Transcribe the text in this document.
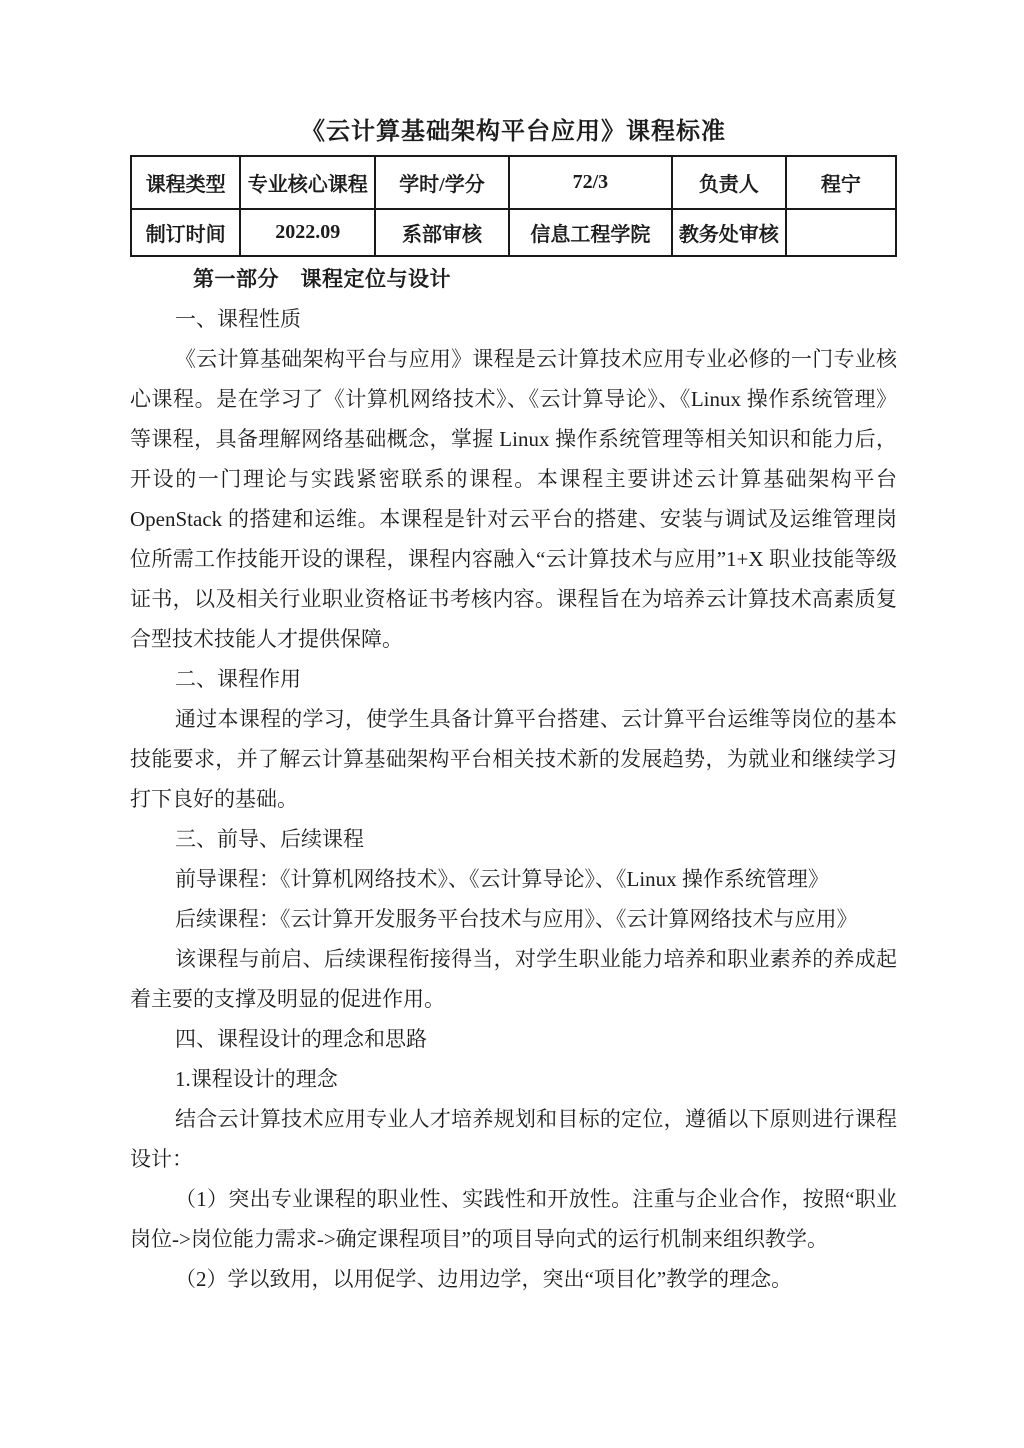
《云计算基础架构平台应用》课程标准
课程类型	专业核心课程	学时/学分	72/3	负责人	程宁
制订时间	2022.09	系部审核	信息工程学院	教务处审核	

第一部分　课程定位与设计

一、课程性质

《云计算基础架构平台与应用》课程是云计算技术应用专业必修的一门专业核心课程。是在学习了《计算机网络技术》、《云计算导论》、《Linux 操作系统管理》等课程，具备理解网络基础概念，掌握 Linux 操作系统管理等相关知识和能力后，开设的一门理论与实践紧密联系的课程。本课程主要讲述云计算基础架构平台 OpenStack 的搭建和运维。本课程是针对云平台的搭建、安装与调试及运维管理岗位所需工作技能开设的课程，课程内容融入“云计算技术与应用”1+X 职业技能等级证书，以及相关行业职业资格证书考核内容。课程旨在为培养云计算技术高素质复合型技术技能人才提供保障。

二、课程作用

通过本课程的学习，使学生具备计算平台搭建、云计算平台运维等岗位的基本技能要求，并了解云计算基础架构平台相关技术新的发展趋势，为就业和继续学习打下良好的基础。

三、前导、后续课程

前导课程：《计算机网络技术》、《云计算导论》、《Linux 操作系统管理》

后续课程：《云计算开发服务平台技术与应用》、《云计算网络技术与应用》

该课程与前启、后续课程衔接得当，对学生职业能力培养和职业素养的养成起着主要的支撑及明显的促进作用。

四、课程设计的理念和思路

1.课程设计的理念

结合云计算技术应用专业人才培养规划和目标的定位，遵循以下原则进行课程设计：

（1）突出专业课程的职业性、实践性和开放性。注重与企业合作，按照“职业岗位->岗位能力需求->确定课程项目”的项目导向式的运行机制来组织教学。

（2）学以致用，以用促学、边用边学，突出“项目化”教学的理念。
